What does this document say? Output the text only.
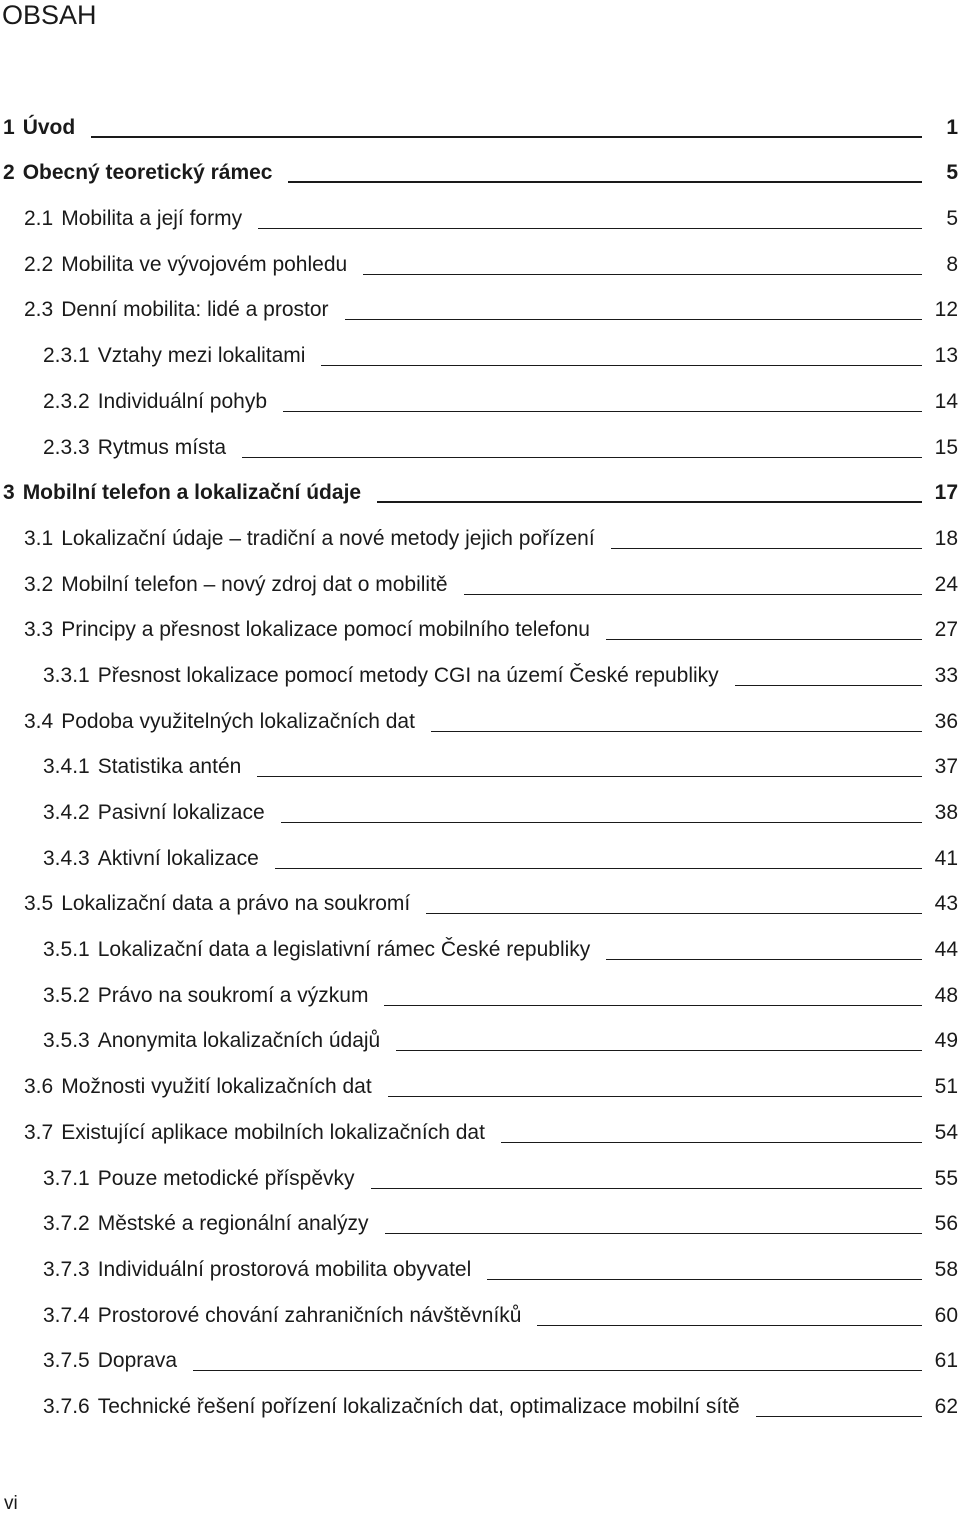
OBSAH
1 Úvod	1
2 Obecný teoretický rámec	5
2.1 Mobilita a její formy	5
2.2 Mobilita ve vývojovém pohledu	8
2.3 Denní mobilita: lidé a prostor	12
2.3.1 Vztahy mezi lokalitami	13
2.3.2 Individuální pohyb	14
2.3.3 Rytmus místa	15
3 Mobilní telefon a lokalizační údaje	17
3.1 Lokalizační údaje – tradiční a nové metody jejich pořízení	18
3.2 Mobilní telefon – nový zdroj dat o mobilitě	24
3.3 Principy a přesnost lokalizace pomocí mobilního telefonu	27
3.3.1 Přesnost lokalizace pomocí metody CGI na území České republiky	33
3.4 Podoba využitelných lokalizačních dat	36
3.4.1 Statistika antén	37
3.4.2 Pasivní lokalizace	38
3.4.3 Aktivní lokalizace	41
3.5 Lokalizační data a právo na soukromí	43
3.5.1 Lokalizační data a legislativní rámec České republiky	44
3.5.2 Právo na soukromí a výzkum	48
3.5.3 Anonymita lokalizačních údajů	49
3.6 Možnosti využití lokalizačních dat	51
3.7 Existující aplikace mobilních lokalizačních dat	54
3.7.1 Pouze metodické příspěvky	55
3.7.2 Městské a regionální analýzy	56
3.7.3 Individuální prostorová mobilita obyvatel	58
3.7.4 Prostorové chování zahraničních návštěvníků	60
3.7.5 Doprava	61
3.7.6 Technické řešení pořízení lokalizačních dat, optimalizace mobilní sítě	62
vi
